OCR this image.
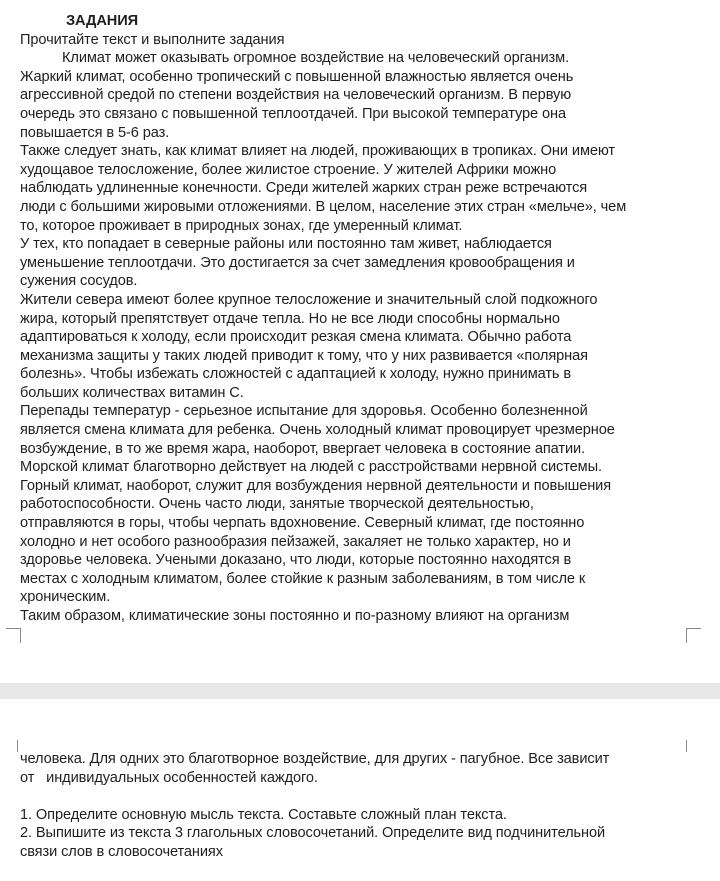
ЗАДАНИЯ
Прочитайте текст и выполните задания
Климат может оказывать огромное воздействие на человеческий организм.
Жаркий климат, особенно тропический с повышенной влажностью является очень
агрессивной средой по степени воздействия на человеческий организм. В первую
очередь это связано с повышенной теплоотдачей. При высокой температуре она
повышается в 5-6 раз.
Также следует знать, как климат влияет на людей, проживающих в тропиках. Они имеют
худощавое телосложение, более жилистое строение. У жителей Африки можно
наблюдать удлиненные конечности. Среди жителей жарких стран реже встречаются
люди с большими жировыми отложениями. В целом, население этих стран «мельче», чем
то, которое проживает в природных зонах, где умеренный климат.
У тех, кто попадает в северные районы или постоянно там живет, наблюдается
уменьшение теплоотдачи. Это достигается за счет замедления кровообращения и
сужения сосудов.
Жители севера имеют более крупное телосложение и значительный слой подкожного
жира, который препятствует отдаче тепла. Но не все люди способны нормально
адаптироваться к холоду, если происходит резкая смена климата. Обычно работа
механизма защиты у таких людей приводит к тому, что у них развивается «полярная
болезнь». Чтобы избежать сложностей с адаптацией к холоду, нужно принимать в
больших количествах витамин С.
Перепады температур - серьезное испытание для здоровья. Особенно болезненной
является смена климата для ребенка. Очень холодный климат провоцирует чрезмерное
возбуждение, в то же время жара, наоборот, ввергает человека в состояние апатии.
Морской климат благотворно действует на людей с расстройствами нервной системы.
Горный климат, наоборот, служит для возбуждения нервной деятельности и повышения
работоспособности. Очень часто люди, занятые творческой деятельностью,
отправляются в горы, чтобы черпать вдохновение. Северный климат, где постоянно
холодно и нет особого разнообразия пейзажей, закаляет не только характер, но и
здоровье человека. Учеными доказано, что люди, которые постоянно находятся в
местах с холодным климатом, более стойкие к разным заболеваниям, в том числе к
хроническим.
Таким образом, климатические зоны постоянно и по-разному влияют на организм
человека. Для одних это благотворное воздействие, для других - пагубное. Все зависит
от   индивидуальных особенностей каждого.
1. Определите основную мысль текста. Составьте сложный план текста.
2. Выпишите из текста 3 глагольных словосочетаний. Определите вид подчинительной
связи слов в словосочетаниях
